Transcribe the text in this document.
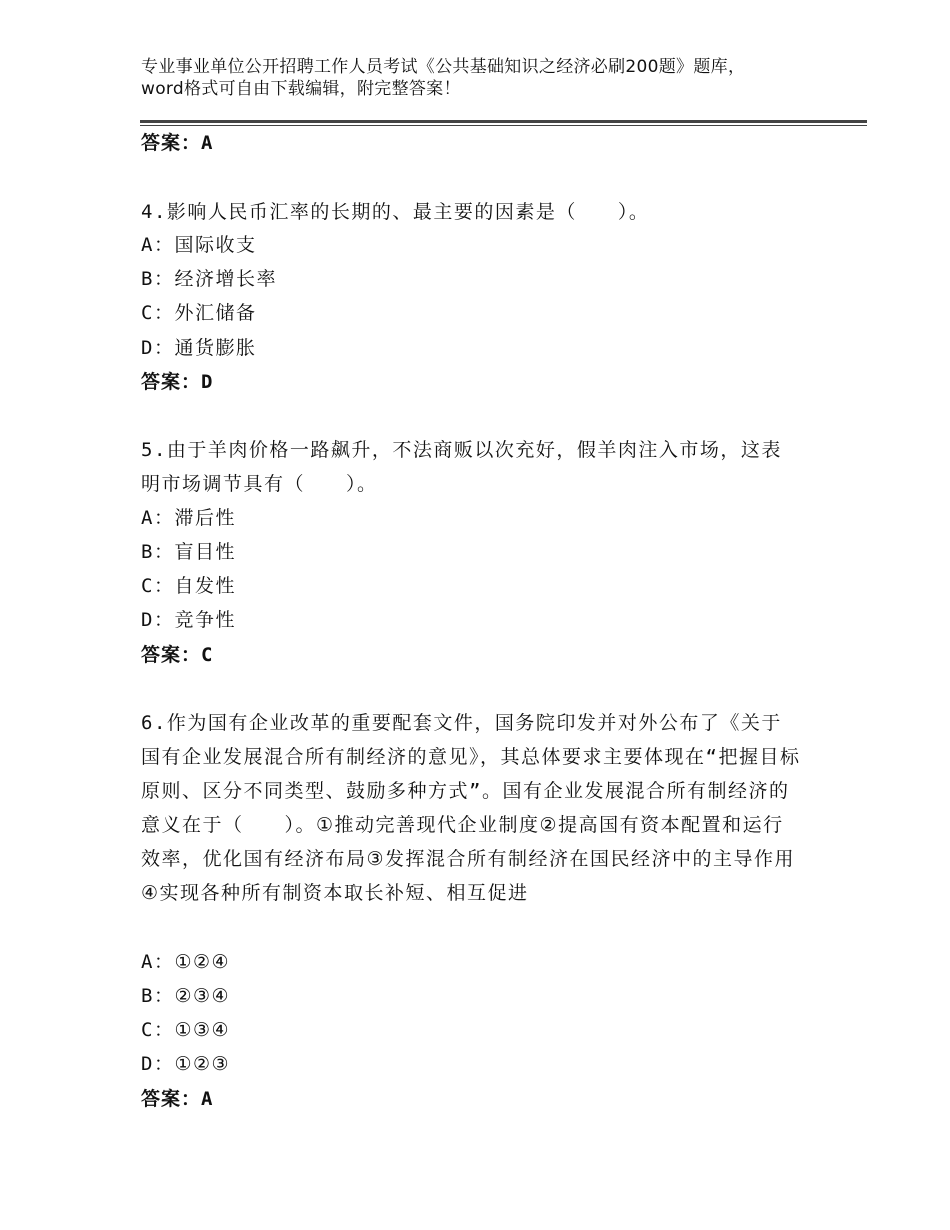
专业事业单位公开招聘工作人员考试《公共基础知识之经济必刷200题》题库，word格式可自由下载编辑，附完整答案！
答案：A
4.影响人民币汇率的长期的、最主要的因素是（　　）。
A：国际收支
B：经济增长率
C：外汇储备
D：通货膨胀
答案：D
5.由于羊肉价格一路飙升，不法商贩以次充好，假羊肉注入市场，这表明市场调节具有（　　）。
A：滞后性
B：盲目性
C：自发性
D：竞争性
答案：C
6.作为国有企业改革的重要配套文件，国务院印发并对外公布了《关于国有企业发展混合所有制经济的意见》，其总体要求主要体现在“把握目标原则、区分不同类型、鼓励多种方式”。国有企业发展混合所有制经济的意义在于（　　）。①推动完善现代企业制度②提高国有资本配置和运行效率，优化国有经济布局③发挥混合所有制经济在国民经济中的主导作用④实现各种所有制资本取长补短、相互促进
A：①②④
B：②③④
C：①③④
D：①②③
答案：A
